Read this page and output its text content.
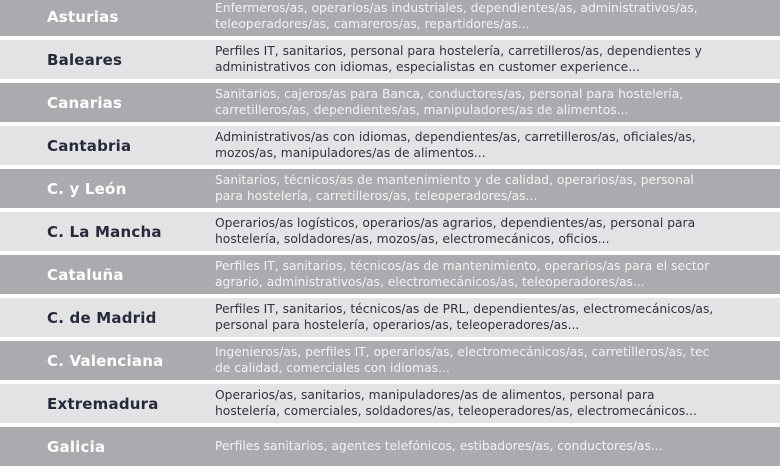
Asturias	Enfermeros/as, operarios/as industriales, dependientes/as, administrativos/as,
teleoperadores/as, camareros/as, repartidores/as...
Baleares	Perfiles IT, sanitarios, personal para hostelería, carretilleros/as, dependientes y
administrativos con idiomas, especialistas en customer experience...
Canarias	Sanitarios, cajeros/as para Banca, conductores/as, personal para hostelería,
carretilleros/as, dependientes/as, manipuladores/as de alimentos...
Cantabria	Administrativos/as con idiomas, dependientes/as, carretilleros/as, oficiales/as,
mozos/as, manipuladores/as de alimentos...
C. y León	Sanitarios, técnicos/as de mantenimiento y de calidad, operarios/as, personal
para hostelería, carretilleros/as, teleoperadores/as...
C. La Mancha	Operarios/as logísticos, operarios/as agrarios, dependientes/as, personal para
hostelería, soldadores/as, mozos/as, electromecánicos, oficios...
Cataluña	Perfiles IT, sanitarios, técnicos/as de mantenimiento, operarios/as para el sector
agrario, administrativos/as, electromecánicos/as, teleoperadores/as...
C. de Madrid	Perfiles IT, sanitarios, técnicos/as de PRL, dependientes/as, electromecánicos/as,
personal para hostelería, operarios/as, teleoperadores/as...
C. Valenciana	Ingenieros/as, perfiles IT, operarios/as, electromecánicos/as, carretilleros/as, tec
de calidad, comerciales con idiomas...
Extremadura	Operarios/as, sanitarios, manipuladores/as de alimentos, personal para
hostelería, comerciales, soldadores/as, teleoperadores/as, electromecánicos...
Galicia	Perfiles sanitarios, agentes telefónicos, estibadores/as, conductores/as...
